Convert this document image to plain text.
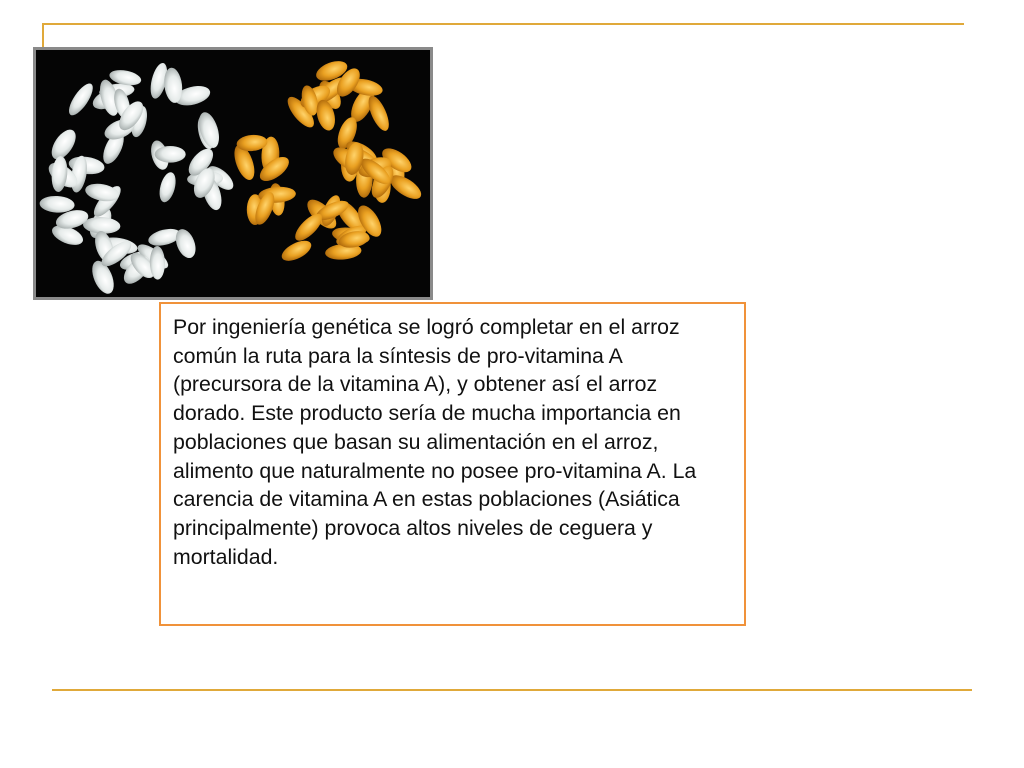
Por ingeniería genética se logró completar en el arroz común la ruta para la síntesis de pro-vitamina A (precursora de la vitamina A), y obtener así el arroz dorado. Este producto sería de mucha importancia en poblaciones que basan su alimentación en el arroz, alimento que naturalmente no posee pro-vitamina A. La carencia de vitamina A en estas poblaciones (Asiática principalmente) provoca altos niveles de ceguera y mortalidad.
